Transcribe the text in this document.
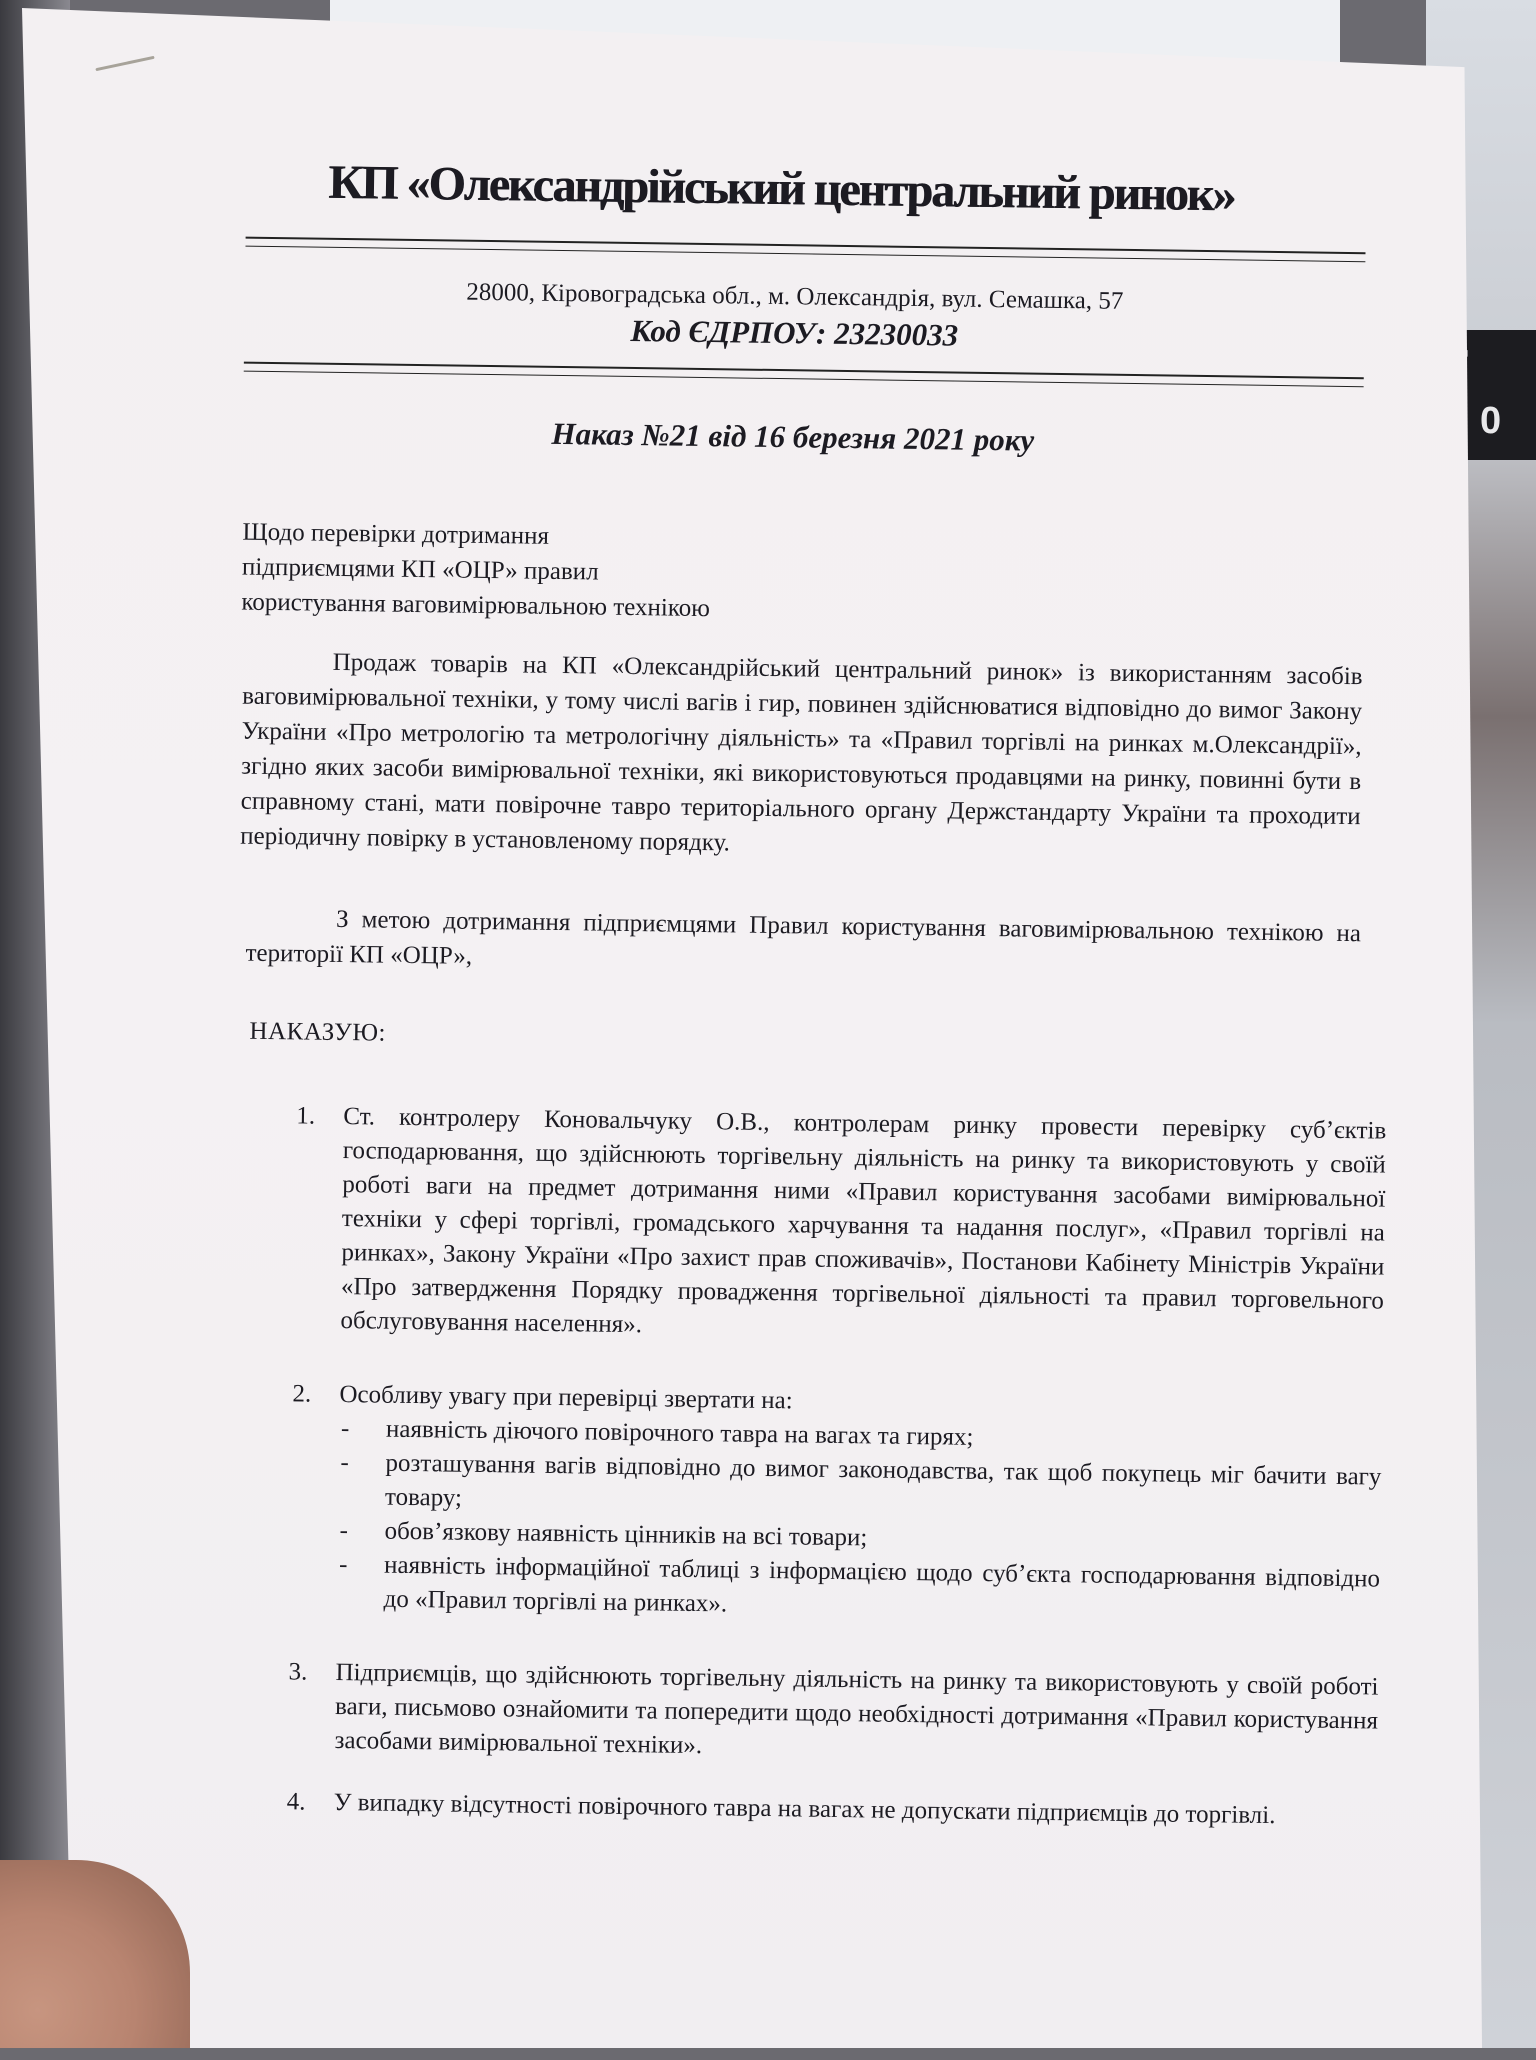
0
КП «Олександрійський центральний ринок»
28000, Кіровоградська обл., м. Олександрія, вул. Семашка, 57
Код ЄДРПОУ: 23230033
Наказ №21 від 16 березня 2021 року
Щодо перевірки дотримання
підприємцями КП «ОЦР» правил
користування ваговимірювальною технікою
Продаж товарів на КП «Олександрійський центральний ринок» із використанням засобів ваговимірювальної техніки, у тому числі вагів і гир, повинен здійснюватися відповідно до вимог Закону України «Про метрологію та метрологічну діяльність» та «Правил торгівлі на ринках м.Олександрії», згідно яких засоби вимірювальної техніки, які використовуються продавцями на ринку, повинні бути в справному стані, мати повірочне тавро територіального органу Держстандарту України та проходити періодичну повірку в установленому порядку.
З метою дотримання підприємцями Правил користування ваговимірювальною технікою на території КП «ОЦР»,
НАКАЗУЮ:
1. Ст. контролеру Коновальчуку О.В., контролерам ринку провести перевірку суб’єктів господарювання, що здійснюють торгівельну діяльність на ринку та використовують у своїй роботі ваги на предмет дотримання ними «Правил користування засобами вимірювальної техніки у сфері торгівлі, громадського харчування та надання послуг», «Правил торгівлі на ринках», Закону України «Про захист прав споживачів», Постанови Кабінету Міністрів України «Про затвердження Порядку провадження торгівельної діяльності та правил торговельного обслуговування населення».
2. Особливу увагу при перевірці звертати на:
- наявність діючого повірочного тавра на вагах та гирях;
- розташування вагів відповідно до вимог законодавства, так щоб покупець міг бачити вагу товару;
- обов’язкову наявність цінників на всі товари;
- наявність інформаційної таблиці з інформацією щодо суб’єкта господарювання відповідно до «Правил торгівлі на ринках».
3. Підприємців, що здійснюють торгівельну діяльність на ринку та використовують у своїй роботі ваги, письмово ознайомити та попередити щодо необхідності дотримання «Правил користування засобами вимірювальної техніки».
4. У випадку відсутності повірочного тавра на вагах не допускати підприємців до торгівлі.
